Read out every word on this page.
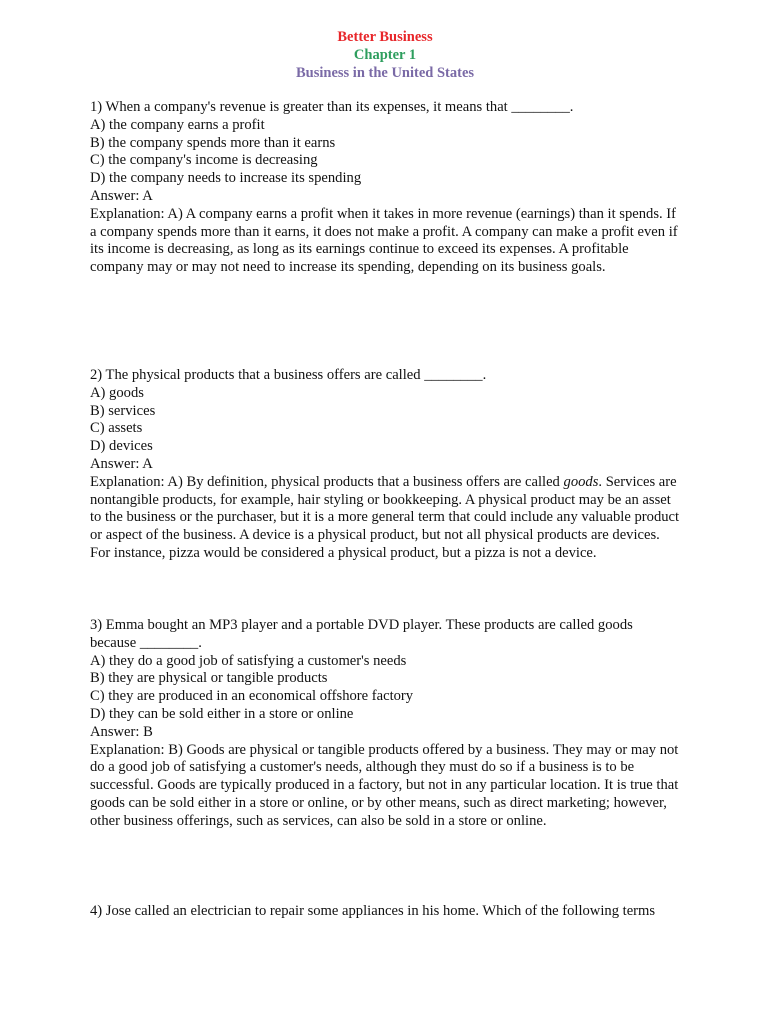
Better Business
Chapter 1
Business in the United States

1) When a company's revenue is greater than its expenses, it means that ________.

A) the company earns a profit

B) the company spends more than it earns

C) the company's income is decreasing

D) the company needs to increase its spending

Answer: A

Explanation: A) A company earns a profit when it takes in more revenue (earnings) than it spends. If a company spends more than it earns, it does not make a profit. A company can make a profit even if its income is decreasing, as long as its earnings continue to exceed its expenses. A profitable company may or may not need to increase its spending, depending on its business goals.

2) The physical products that a business offers are called ________.

A) goods

B) services

C) assets

D) devices

Answer: A

Explanation: A) By definition, physical products that a business offers are called goods. Services are nontangible products, for example, hair styling or bookkeeping. A physical product may be an asset to the business or the purchaser, but it is a more general term that could include any valuable product or aspect of the business. A device is a physical product, but not all physical products are devices. For instance, pizza would be considered a physical product, but a pizza is not a device.

3) Emma bought an MP3 player and a portable DVD player. These products are called goods because ________.

A) they do a good job of satisfying a customer's needs

B) they are physical or tangible products

C) they are produced in an economical offshore factory

D) they can be sold either in a store or online

Answer: B

Explanation: B) Goods are physical or tangible products offered by a business. They may or may not do a good job of satisfying a customer's needs, although they must do so if a business is to be successful. Goods are typically produced in a factory, but not in any particular location. It is true that goods can be sold either in a store or online, or by other means, such as direct marketing; however, other business offerings, such as services, can also be sold in a store or online.

4) Jose called an electrician to repair some appliances in his home. Which of the following terms
